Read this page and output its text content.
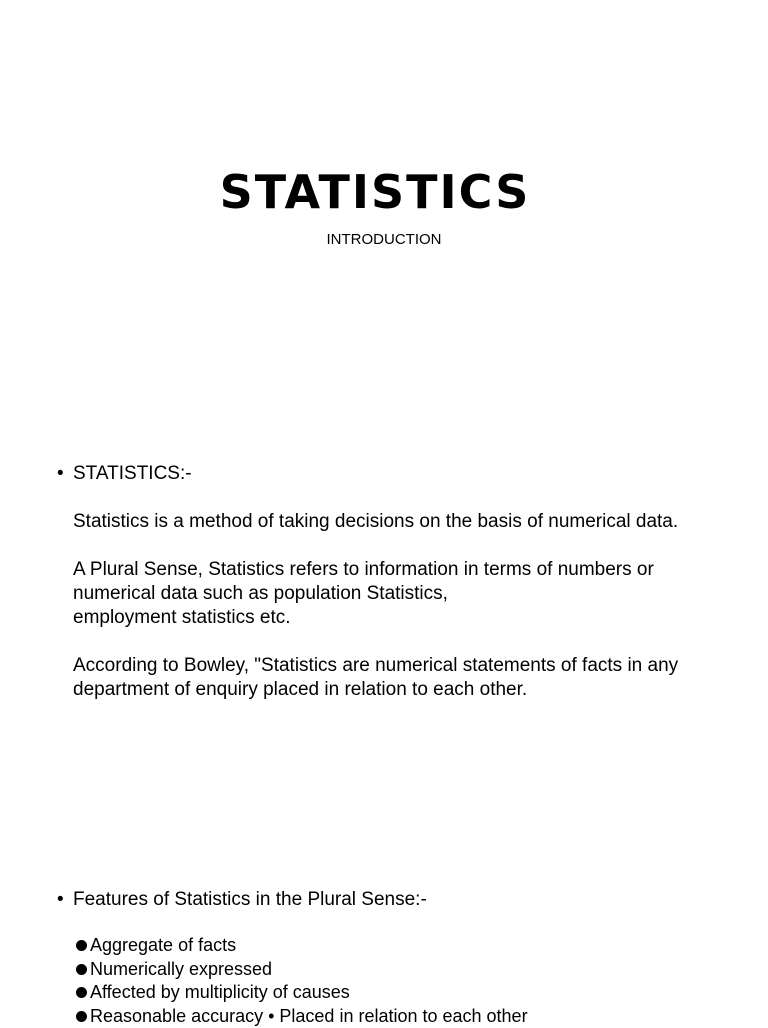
STATISTICS
INTRODUCTION
• STATISTICS:-
Statistics is a method of taking decisions on the basis of numerical data.
A Plural Sense, Statistics refers to information in terms of numbers or numerical data such as population Statistics,
employment statistics etc.
According to Bowley, "Statistics are numerical statements of facts in any department of enquiry placed in relation to each other.
• Features of Statistics in the Plural Sense:-
Aggregate of facts
Numerically expressed
Affected by multiplicity of causes
Reasonable accuracy • Placed in relation to each other
